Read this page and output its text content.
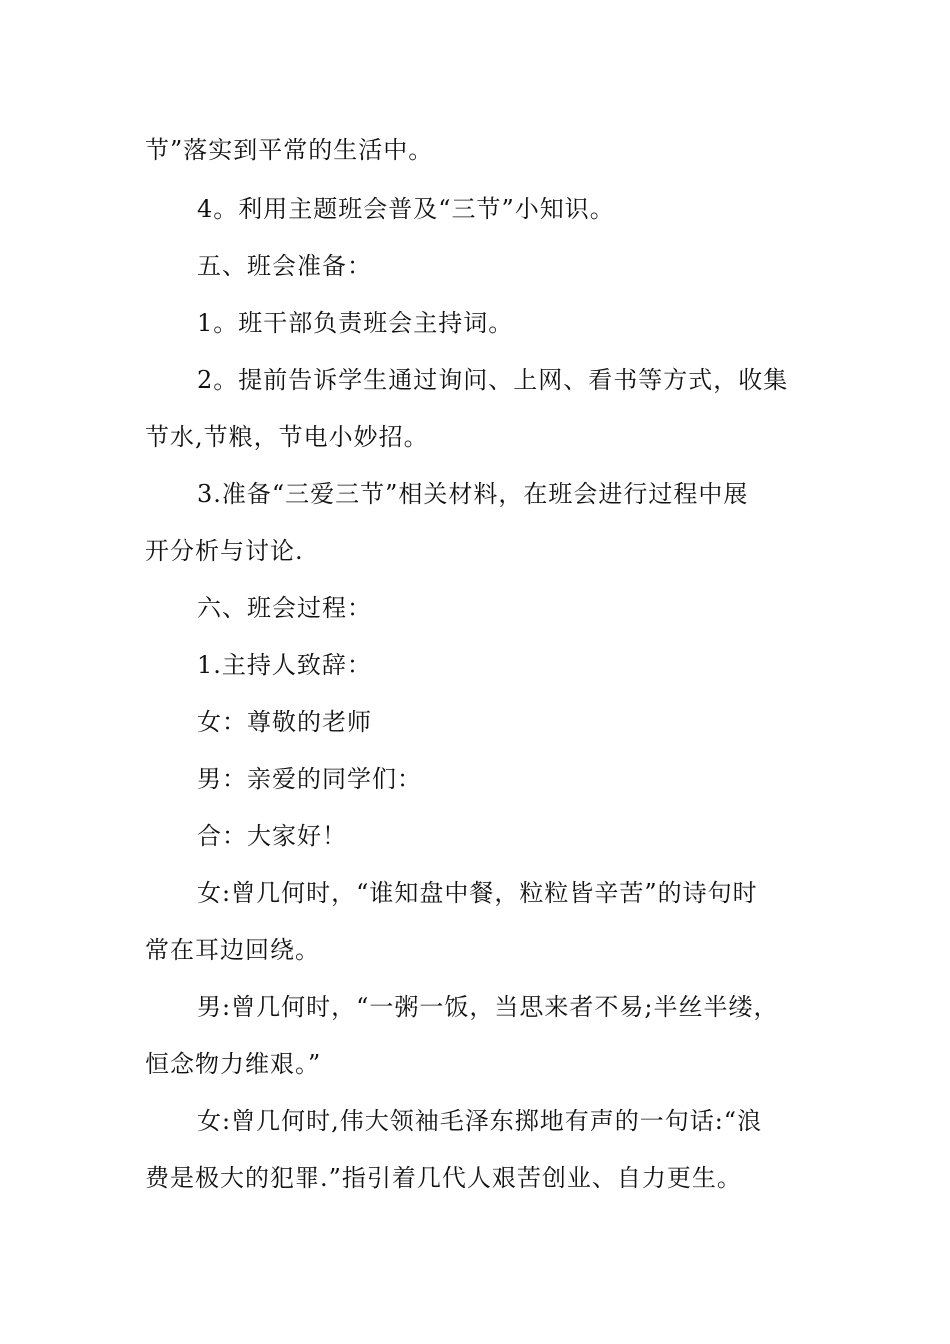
节”落实到平常的生活中。
4。利用主题班会普及“三节”小知识。
五、班会准备：
1。班干部负责班会主持词。
2。提前告诉学生通过询问、上网、看书等方式，收集
节水,节粮，节电小妙招。
3.准备“三爱三节”相关材料，在班会进行过程中展
开分析与讨论.
六、班会过程：
1.主持人致辞：
女：尊敬的老师
男：亲爱的同学们：
合：大家好！
女:曾几何时，“谁知盘中餐，粒粒皆辛苦”的诗句时
常在耳边回绕。
男:曾几何时，“一粥一饭，当思来者不易;半丝半缕，
恒念物力维艰。”
女:曾几何时,伟大领袖毛泽东掷地有声的一句话:“浪
费是极大的犯罪.”指引着几代人艰苦创业、自力更生。
